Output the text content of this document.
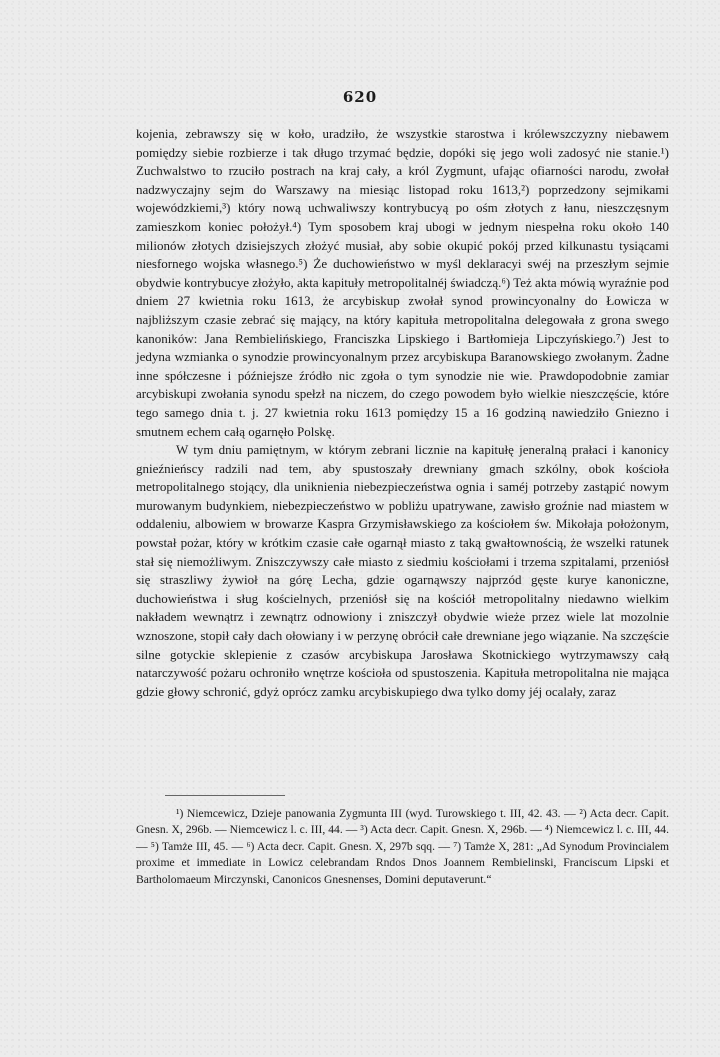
620

kojenia, zebrawszy się w koło, uradziło, że wszystkie starostwa i królewszczyzny niebawem pomiędzy siebie rozbierze i tak długo trzymać będzie, dopóki się jego woli zadosyć nie stanie.¹) Zuchwalstwo to rzuciło postrach na kraj cały, a król Zygmunt, ufając ofiarności narodu, zwołał nadzwyczajny sejm do Warszawy na miesiąc listopad roku 1613,²) poprzedzony sejmikami wojewódzkiemi,³) który nową uchwaliwszy kontrybucyą po ośm złotych z łanu, nieszczęsnym zamieszkom koniec położył.⁴) Tym sposobem kraj ubogi w jednym niespełna roku około 140 milionów złotych dzisiejszych złożyć musiał, aby sobie okupić pokój przed kilkunastu tysiącami niesfornego wojska własnego.⁵) Że duchowieństwo w myśl deklaracyi swéj na przeszłym sejmie obydwie kontrybucye złożyło, akta kapituły metropolitalnéj świadczą.⁶) Też akta mówią wyraźnie pod dniem 27 kwietnia roku 1613, że arcybiskup zwołał synod prowincyonalny do Łowicza w najbliższym czasie zebrać się mający, na który kapituła metropolitalna delegowała z grona swego kanoników: Jana Rembielińskiego, Franciszka Lipskiego i Bartłomieja Lipczyńskiego.⁷) Jest to jedyna wzmianka o synodzie prowincyonalnym przez arcybiskupa Baranowskiego zwołanym. Żadne inne spółczesne i późniejsze źródło nic zgoła o tym synodzie nie wie. Prawdopodobnie zamiar arcybiskupi zwołania synodu spełzł na niczem, do czego powodem było wielkie nieszczęście, które tego samego dnia t. j. 27 kwietnia roku 1613 pomiędzy 15 a 16 godziną nawiedziło Gniezno i smutnem echem całą ogarnęło Polskę.

W tym dniu pamiętnym, w którym zebrani licznie na kapitułę jeneralną prałaci i kanonicy gnieźnieńscy radzili nad tem, aby spustoszały drewniany gmach szkólny, obok kościoła metropolitalnego stojący, dla uniknienia niebezpieczeństwa ognia i saméj potrzeby zastąpić nowym murowanym budynkiem, niebezpieczeństwo w pobliżu upatrywane, zawisło groźnie nad miastem w oddaleniu, albowiem w browarze Kaspra Grzymisławskiego za kościołem św. Mikołaja położonym, powstał pożar, który w krótkim czasie całe ogarnął miasto z taką gwałtownością, że wszelki ratunek stał się niemożliwym. Zniszczywszy całe miasto z siedmiu kościołami i trzema szpitalami, przeniósł się straszliwy żywioł na górę Lecha, gdzie ogarnąwszy najprzód gęste kurye kanoniczne, duchowieństwa i sług kościelnych, przeniósł się na kościół metropolitalny niedawno wielkim nakładem wewnątrz i zewnątrz odnowiony i zniszczył obydwie wieże przez wiele lat mozolnie wznoszone, stopił cały dach ołowiany i w perzynę obrócił całe drewniane jego wiązanie. Na szczęście silne gotyckie sklepienie z czasów arcybiskupa Jarosława Skotnickiego wytrzymawszy całą natarczywość pożaru ochroniło wnętrze kościoła od spustoszenia. Kapituła metropolitalna nie mająca gdzie głowy schronić, gdyż oprócz zamku arcybiskupiego dwa tylko domy jéj ocalały, zaraz

¹) Niemcewicz, Dzieje panowania Zygmunta III (wyd. Turowskiego t. III, 42. 43. — ²) Acta decr. Capit. Gnesn. X, 296b. — Niemcewicz l. c. III, 44. — ³) Acta decr. Capit. Gnesn. X, 296b. — ⁴) Niemcewicz l. c. III, 44. — ⁵) Tamże III, 45. — ⁶) Acta decr. Capit. Gnesn. X, 297b sqq. — ⁷) Tamże X, 281: „Ad Synodum Provincialem proxime et immediate in Lowicz celebrandam Rndos Dnos Joannem Rembielinski, Franciscum Lipski et Bartholomaeum Mirczynski, Canonicos Gnesnenses, Domini deputaverunt.“
